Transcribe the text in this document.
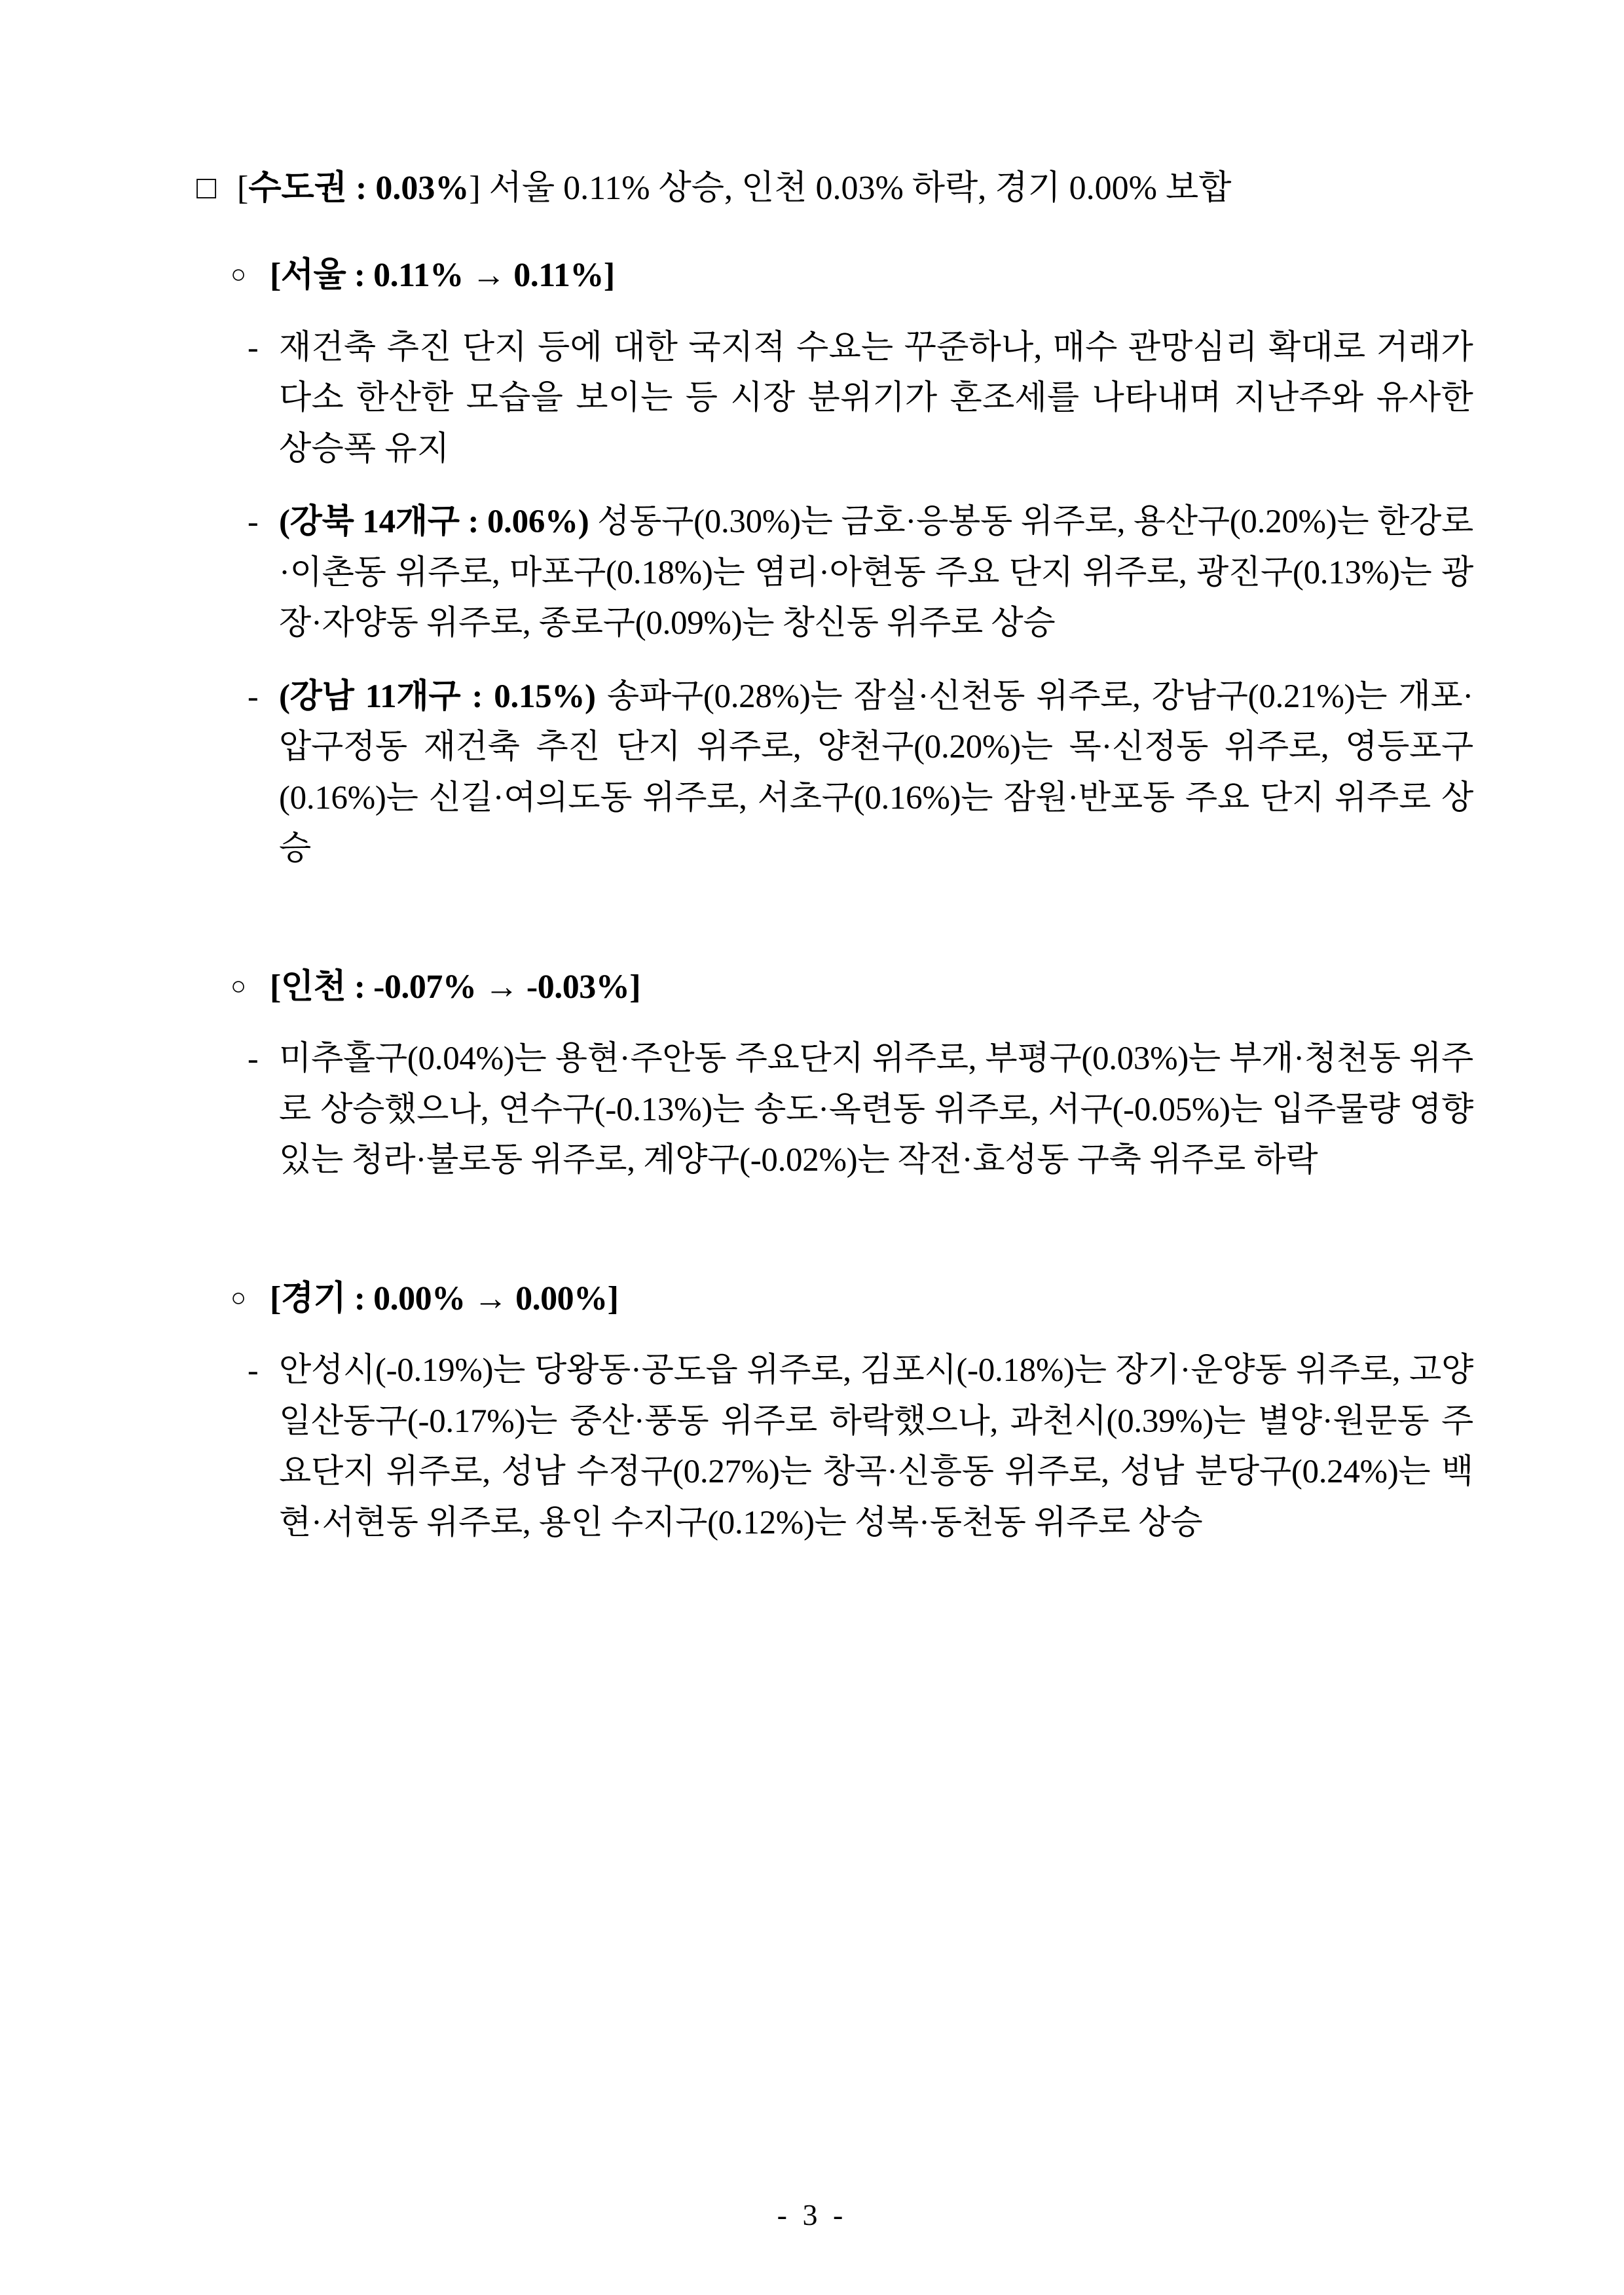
□ [수도권 : 0.03%] 서울 0.11% 상승, 인천 0.03% 하락, 경기 0.00% 보합
○ [서울 : 0.11% → 0.11%]
- 재건축 추진 단지 등에 대한 국지적 수요는 꾸준하나, 매수 관망심리 확대로 거래가 다소 한산한 모습을 보이는 등 시장 분위기가 혼조세를 나타내며 지난주와 유사한 상승폭 유지
- (강북 14개구 : 0.06%) 성동구(0.30%)는 금호·응봉동 위주로, 용산구(0.20%)는 한강로·이촌동 위주로, 마포구(0.18%)는 염리·아현동 주요 단지 위주로, 광진구(0.13%)는 광장·자양동 위주로, 종로구(0.09%)는 창신동 위주로 상승
- (강남 11개구 : 0.15%) 송파구(0.28%)는 잠실·신천동 위주로, 강남구(0.21%)는 개포·압구정동 재건축 추진 단지 위주로, 양천구(0.20%)는 목·신정동 위주로, 영등포구(0.16%)는 신길·여의도동 위주로, 서초구(0.16%)는 잠원·반포동 주요 단지 위주로 상승
○ [인천 : -0.07% → -0.03%]
- 미추홀구(0.04%)는 용현·주안동 주요단지 위주로, 부평구(0.03%)는 부개·청천동 위주로 상승했으나, 연수구(-0.13%)는 송도·옥련동 위주로, 서구(-0.05%)는 입주물량 영향있는 청라·불로동 위주로, 계양구(-0.02%)는 작전·효성동 구축 위주로 하락
○ [경기 : 0.00% → 0.00%]
- 안성시(-0.19%)는 당왕동·공도읍 위주로, 김포시(-0.18%)는 장기·운양동 위주로, 고양 일산동구(-0.17%)는 중산·풍동 위주로 하락했으나, 과천시(0.39%)는 별양·원문동 주요단지 위주로, 성남 수정구(0.27%)는 창곡·신흥동 위주로, 성남 분당구(0.24%)는 백현·서현동 위주로, 용인 수지구(0.12%)는 성복·동천동 위주로 상승
- 3 -
